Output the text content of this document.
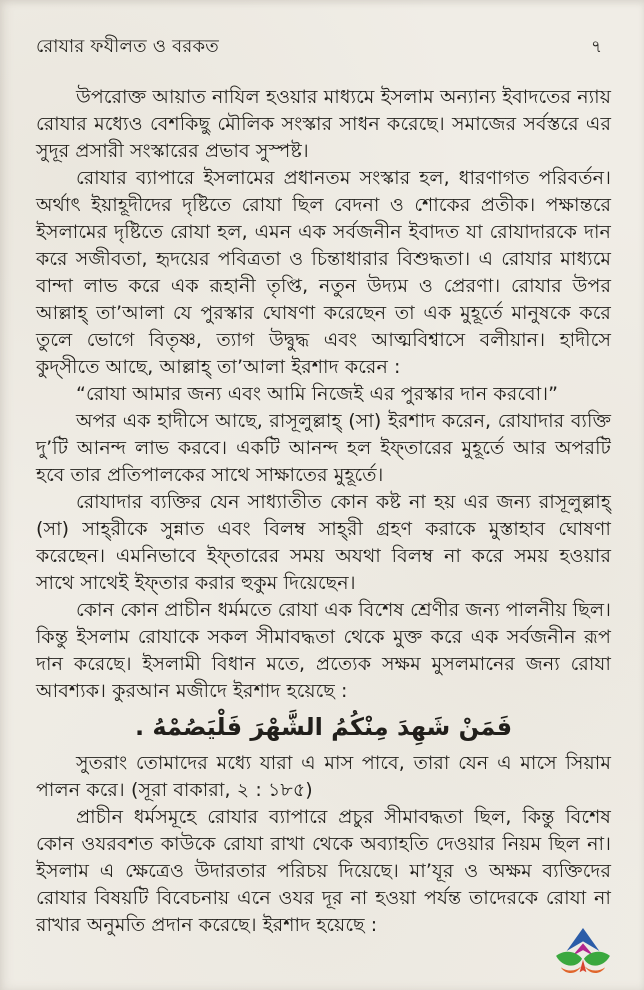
রোযার ফযীলত ও বরকত	৭

উপরোক্ত আয়াত নাযিল হওয়ার মাধ্যমে ইসলাম অন্যান্য ইবাদতের ন্যায় রোযার মধ্যেও বেশকিছু মৌলিক সংস্কার সাধন করেছে। সমাজের সর্বস্তরে এর সুদূর প্রসারী সংস্কারের প্রভাব সুস্পষ্ট।

রোযার ব্যাপারে ইসলামের প্রধানতম সংস্কার হল, ধারণাগত পরিবর্তন। অর্থাৎ ইয়াহূদীদের দৃষ্টিতে রোযা ছিল বেদনা ও শোকের প্রতীক। পক্ষান্তরে ইসলামের দৃষ্টিতে রোযা হল, এমন এক সর্বজনীন ইবাদত যা রোযাদারকে দান করে সজীবতা, হৃদয়ের পবিত্রতা ও চিন্তাধারার বিশুদ্ধতা। এ রোযার মাধ্যমে বান্দা লাভ করে এক রূহানী তৃপ্তি, নতুন উদ্যম ও প্রেরণা। রোযার উপর আল্লাহ্ তা’আলা যে পুরস্কার ঘোষণা করেছেন তা এক মুহূর্তে মানুষকে করে তুলে ভোগে বিতৃষ্ণ, ত্যাগ উদ্বুদ্ধ এবং আত্মবিশ্বাসে বলীয়ান। হাদীসে কুদ্‌সীতে আছে, আল্লাহ্ তা’আলা ইরশাদ করেন :

“রোযা আমার জন্য এবং আমি নিজেই এর পুরস্কার দান করবো।”

অপর এক হাদীসে আছে, রাসূলুল্লাহ্ (সা) ইরশাদ করেন, রোযাদার ব্যক্তি দু’টি আনন্দ লাভ করবে। একটি আনন্দ হল ইফ্‌তারের মুহূর্তে আর অপরটি হবে তার প্রতিপালকের সাথে সাক্ষাতের মুহূর্তে।

রোযাদার ব্যক্তির যেন সাধ্যাতীত কোন কষ্ট না হয় এর জন্য রাসূলুল্লাহ্ (সা) সাহ্‌রীকে সুন্নাত এবং বিলম্ব সাহ্‌রী গ্রহণ করাকে মুস্তাহাব ঘোষণা করেছেন। এমনিভাবে ইফ্‌তারের সময় অযথা বিলম্ব না করে সময় হওয়ার সাথে সাথেই ইফ্‌তার করার হুকুম দিয়েছেন।

কোন কোন প্রাচীন ধর্মমতে রোযা এক বিশেষ শ্রেণীর জন্য পালনীয় ছিল। কিন্তু ইসলাম রোযাকে সকল সীমাবদ্ধতা থেকে মুক্ত করে এক সর্বজনীন রূপ দান করেছে। ইসলামী বিধান মতে, প্রত্যেক সক্ষম মুসলমানের জন্য রোযা আবশ্যক। কুরআন মজীদে ইরশাদ হয়েছে :

فَمَنْ شَهِدَ مِنْكُمُ الشَّهْرَ فَلْيَصُمْهُ .

সুতরাং তোমাদের মধ্যে যারা এ মাস পাবে, তারা যেন এ মাসে সিয়াম পালন করে। (সূরা বাকারা, ২ : ১৮৫)

প্রাচীন ধর্মসমূহে রোযার ব্যাপারে প্রচুর সীমাবদ্ধতা ছিল, কিন্তু বিশেষ কোন ওযরবশত কাউকে রোযা রাখা থেকে অব্যাহতি দেওয়ার নিয়ম ছিল না। ইসলাম এ ক্ষেত্রেও উদারতার পরিচয় দিয়েছে। মা’যূর ও অক্ষম ব্যক্তিদের রোযার বিষয়টি বিবেচনায় এনে ওযর দূর না হওয়া পর্যন্ত তাদেরকে রোযা না রাখার অনুমতি প্রদান করেছে। ইরশাদ হয়েছে :
